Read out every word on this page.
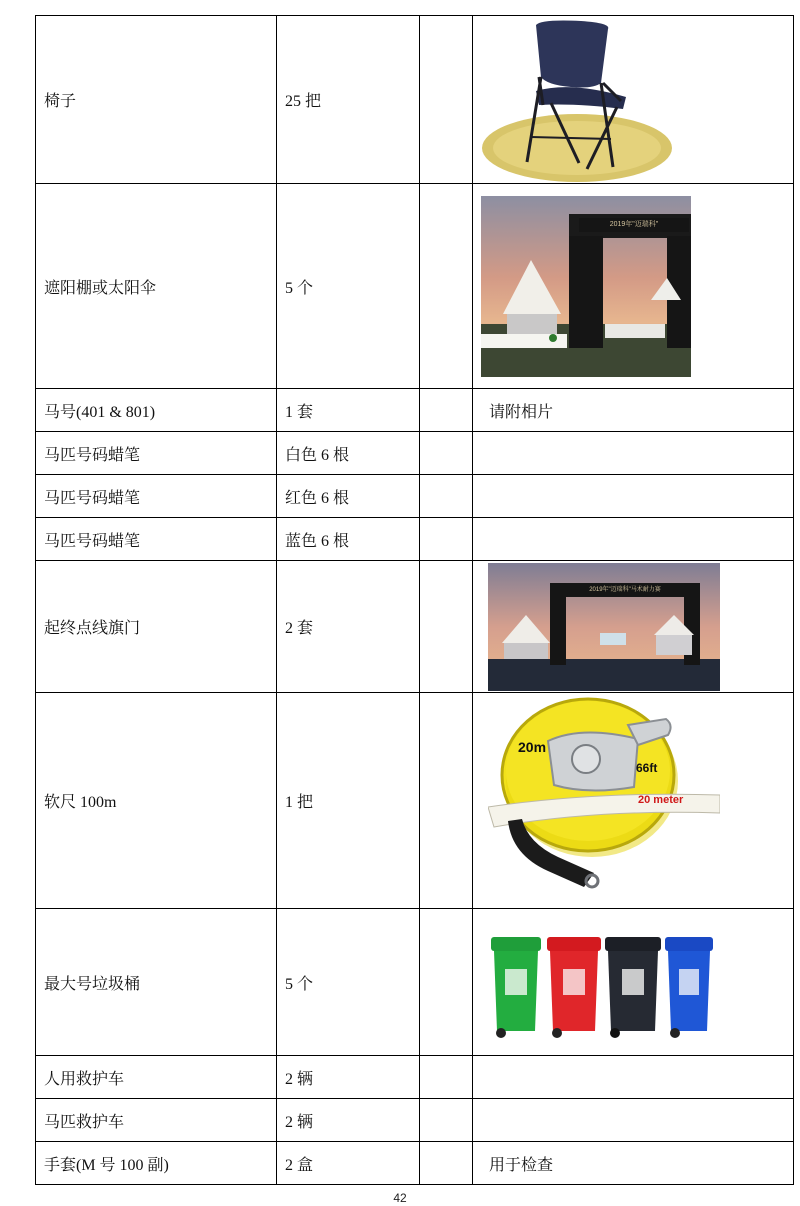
椅子	25 把		

遮阳棚或太阳伞	5 个		2019年"迈瑞科"

马号(401 & 801)	1 套		请附相片
马匹号码蜡笔	白色 6 根		
马匹号码蜡笔	红色 6 根		
马匹号码蜡笔	蓝色 6 根		
起终点线旗门	2 套		2019年"迈瑞科"马术耐力赛

软尺 100m	1 把		20m
66ft
20 meter

最大号垃圾桶	5 个		

人用救护车	2 辆		
马匹救护车	2 辆		
手套(M 号 100 副)	2 盒		用于检查
42
